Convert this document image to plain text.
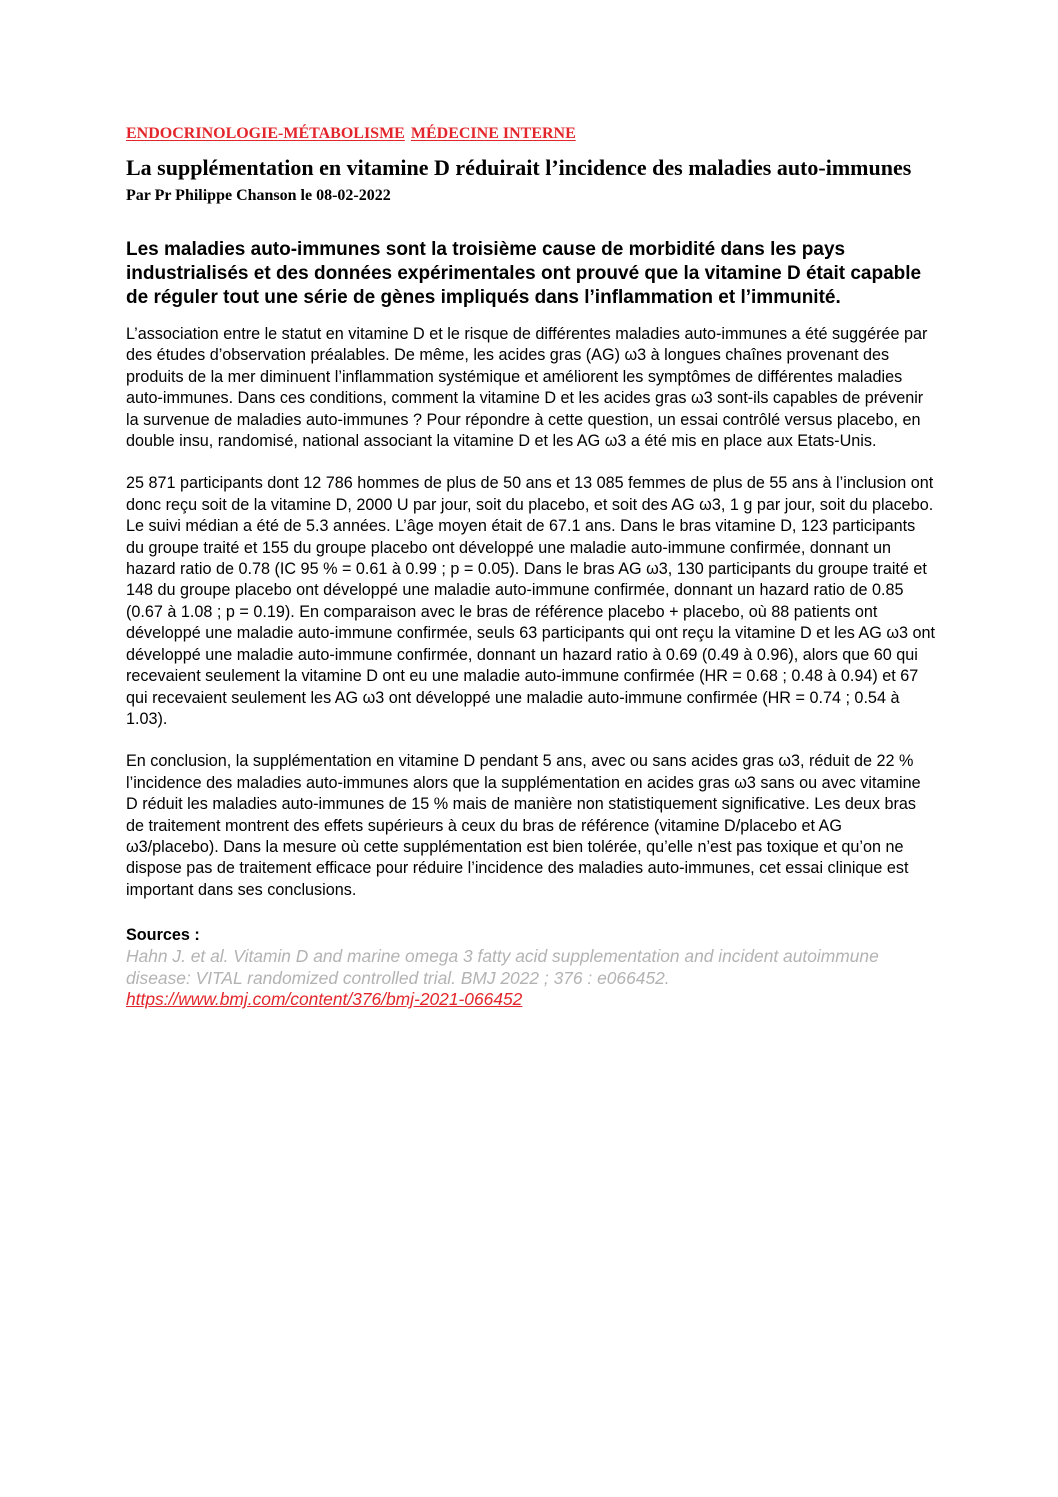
ENDOCRINOLOGIE-MÉTABOLISME MÉDECINE INTERNE

La supplémentation en vitamine D réduirait l’incidence des maladies auto-immunes

Par Pr Philippe Chanson le 08-02-2022

Les maladies auto-immunes sont la troisième cause de morbidité dans les pays industrialisés et des données expérimentales ont prouvé que la vitamine D était capable de réguler tout une série de gènes impliqués dans l’inflammation et l’immunité.

L’association entre le statut en vitamine D et le risque de différentes maladies auto-immunes a été suggérée par des études d’observation préalables. De même, les acides gras (AG) ω3 à longues chaînes provenant des produits de la mer diminuent l’inflammation systémique et améliorent les symptômes de différentes maladies auto-immunes. Dans ces conditions, comment la vitamine D et les acides gras ω3 sont-ils capables de prévenir la survenue de maladies auto-immunes ? Pour répondre à cette question, un essai contrôlé versus placebo, en double insu, randomisé, national associant la vitamine D et les AG ω3 a été mis en place aux Etats-Unis.

25 871 participants dont 12 786 hommes de plus de 50 ans et 13 085 femmes de plus de 55 ans à l’inclusion ont donc reçu soit de la vitamine D, 2000 U par jour, soit du placebo, et soit des AG ω3, 1 g par jour, soit du placebo. Le suivi médian a été de 5.3 années. L’âge moyen était de 67.1 ans. Dans le bras vitamine D, 123 participants du groupe traité et 155 du groupe placebo ont développé une maladie auto-immune confirmée, donnant un hazard ratio de 0.78 (IC 95 % = 0.61 à 0.99 ; p = 0.05). Dans le bras AG ω3, 130 participants du groupe traité et 148 du groupe placebo ont développé une maladie auto-immune confirmée, donnant un hazard ratio de 0.85 (0.67 à 1.08 ; p = 0.19). En comparaison avec le bras de référence placebo + placebo, où 88 patients ont développé une maladie auto-immune confirmée, seuls 63 participants qui ont reçu la vitamine D et les AG ω3 ont développé une maladie auto-immune confirmée, donnant un hazard ratio à 0.69 (0.49 à 0.96), alors que 60 qui recevaient seulement la vitamine D ont eu une maladie auto-immune confirmée (HR = 0.68 ; 0.48 à 0.94) et 67 qui recevaient seulement les AG ω3 ont développé une maladie auto-immune confirmée (HR = 0.74 ; 0.54 à 1.03).

En conclusion, la supplémentation en vitamine D pendant 5 ans, avec ou sans acides gras ω3, réduit de 22 % l’incidence des maladies auto-immunes alors que la supplémentation en acides gras ω3 sans ou avec vitamine D réduit les maladies auto-immunes de 15 % mais de manière non statistiquement significative. Les deux bras de traitement montrent des effets supérieurs à ceux du bras de référence (vitamine D/placebo et AG ω3/placebo). Dans la mesure où cette supplémentation est bien tolérée, qu’elle n’est pas toxique et qu’on ne dispose pas de traitement efficace pour réduire l’incidence des maladies auto-immunes, cet essai clinique est important dans ses conclusions.

Sources :

Hahn J. et al. Vitamin D and marine omega 3 fatty acid supplementation and incident autoimmune disease: VITAL randomized controlled trial. BMJ 2022 ; 376 : e066452. https://www.bmj.com/content/376/bmj-2021-066452
